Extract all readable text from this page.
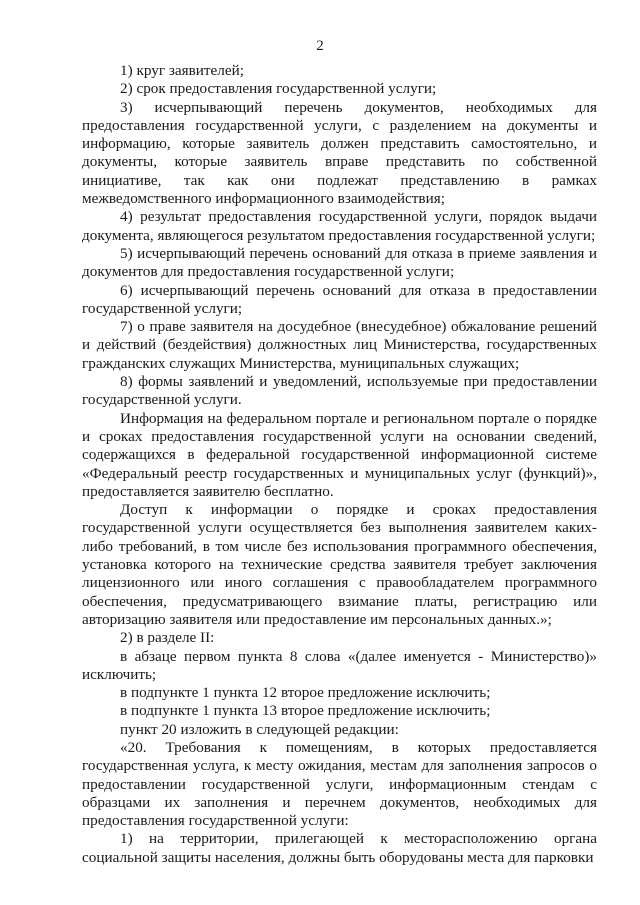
2

1) круг заявителей;

2) срок предоставления государственной услуги;

3) исчерпывающий перечень документов, необходимых для предоставления государственной услуги, с разделением на документы и информацию, которые заявитель должен представить самостоятельно, и документы, которые заявитель вправе представить по собственной инициативе, так как они подлежат представлению в рамках межведомственного информационного взаимодействия;

4) результат предоставления государственной услуги, порядок выдачи документа, являющегося результатом предоставления государственной услуги;

5) исчерпывающий перечень оснований для отказа в приеме заявления и документов для предоставления государственной услуги;

6) исчерпывающий перечень оснований для отказа в предоставлении государственной услуги;

7) о праве заявителя на досудебное (внесудебное) обжалование решений и действий (бездействия) должностных лиц Министерства, государственных гражданских служащих Министерства, муниципальных служащих;

8) формы заявлений и уведомлений, используемые при предоставлении государственной услуги.

Информация на федеральном портале и региональном портале о порядке и сроках предоставления государственной услуги на основании сведений, содержащихся в федеральной государственной информационной системе «Федеральный реестр государственных и муниципальных услуг (функций)», предоставляется заявителю бесплатно.

Доступ к информации о порядке и сроках предоставления государственной услуги осуществляется без выполнения заявителем каких-либо требований, в том числе без использования программного обеспечения, установка которого на технические средства заявителя требует заключения лицензионного или иного соглашения с правообладателем программного обеспечения, предусматривающего взимание платы, регистрацию или авторизацию заявителя или предоставление им персональных данных.»;

2) в разделе II:

в абзаце первом пункта 8 слова «(далее именуется - Министерство)» исключить;

в подпункте 1 пункта 12 второе предложение исключить;

в подпункте 1 пункта 13 второе предложение исключить;

пункт 20 изложить в следующей редакции:

«20. Требования к помещениям, в которых предоставляется государственная услуга, к месту ожидания, местам для заполнения запросов о предоставлении государственной услуги, информационным стендам с образцами их заполнения и перечнем документов, необходимых для предоставления государственной услуги:

1) на территории, прилегающей к месторасположению органа социальной защиты населения, должны быть оборудованы места для парковки
